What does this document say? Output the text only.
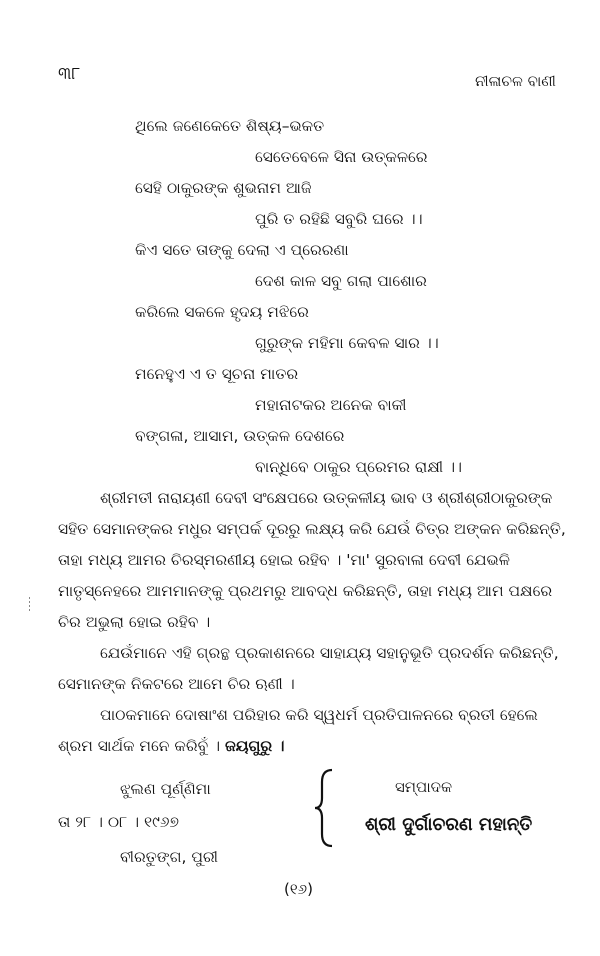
୩୮	ନୀଳାଚଳ ବାଣୀ
ଥିଲେ ଜଣେକେତେ ଶିଷ୍ୟ–ଭକତ
ସେତେବେଳେ ସିନା ଉତ୍କଳରେ
ସେହି ଠାକୁରଙ୍କ ଶୁଭନାମ ଆଜି
ପୁରି ତ ରହିଛି ସବୁରି ଘରେ ।।
କିଏ ସତେ ତାଙ୍କୁ ଦେଲା ଏ ପ୍ରେରଣା
ଦେଶ କାଳ ସବୁ ଗଲା ପାଶୋର
କରିଲେ ସକଳେ ହୃଦୟ ମଝିରେ
ଗୁରୁଙ୍କ ମହିମା କେବଳ ସାର ।।
ମନେହୁଏ ଏ ତ ସୂଚନା ମାତର
ମହାନାଟକର ଅନେକ ବାକୀ
ବଙ୍ଗଳା, ଆସାମ, ଉତ୍କଳ ଦେଶରେ
ବାନ୍ଧିବେ ଠାକୁର ପ୍ରେମର ରାକ୍ଷୀ ।।
ଶ୍ରୀମତୀ ନାରାୟଣୀ ଦେବୀ ସଂକ୍ଷେପରେ ଉତ୍କଳୀୟ ଭାବ ଓ ଶ୍ରୀଶ୍ରୀଠାକୁରଙ୍କ
ସହିତ ସେମାନଙ୍କର ମଧୁର ସମ୍ପର୍କ ଦୂରରୁ ଲକ୍ଷ୍ୟ କରି ଯେଉଁ ଚିତ୍ର ଅଙ୍କନ କରିଛନ୍ତି,
ତାହା ମଧ୍ୟ ଆମର ଚିରସ୍ମରଣୀୟ ହୋଇ ରହିବ । 'ମା' ସୁରବାଳା ଦେବୀ ଯେଭଳି
ମାତୃସ୍ନେହରେ ଆମମାନଙ୍କୁ ପ୍ରଥମରୁ ଆବଦ୍ଧ କରିଛନ୍ତି, ତାହା ମଧ୍ୟ ଆମ ପକ୍ଷରେ
ଚିର ଅଭୁଲା ହୋଇ ରହିବ ।
ଯେଉଁମାନେ ଏହି ଗ୍ରନ୍ଥ ପ୍ରକାଶନରେ ସାହାଯ୍ୟ ସହାନୁଭୂତି ପ୍ରଦର୍ଶନ କରିଛନ୍ତି,
ସେମାନଙ୍କ ନିକଟରେ ଆମେ ଚିର ଋଣୀ ।
ପାଠକମାନେ ଦୋଷାଂଶ ପରିହାର କରି ସ୍ୱଧର୍ମ ପ୍ରତିପାଳନରେ ବ୍ରତୀ ହେଲେ
ଶ୍ରମ ସାର୍ଥକ ମନେ କରିବୁଁ । ଜୟଗୁରୁ ।
ଝୁଲଣ ପୂର୍ଣ୍ଣିମା
ତା ୨୮ । ୦୮ । ୧୯୬୭
ବୀରତୁଙ୍ଗ, ପୁରୀ
ସମ୍ପାଦକ
ଶ୍ରୀ ଦୁର୍ଗାଚରଣ ମହାନ୍ତି
(୧୬)
